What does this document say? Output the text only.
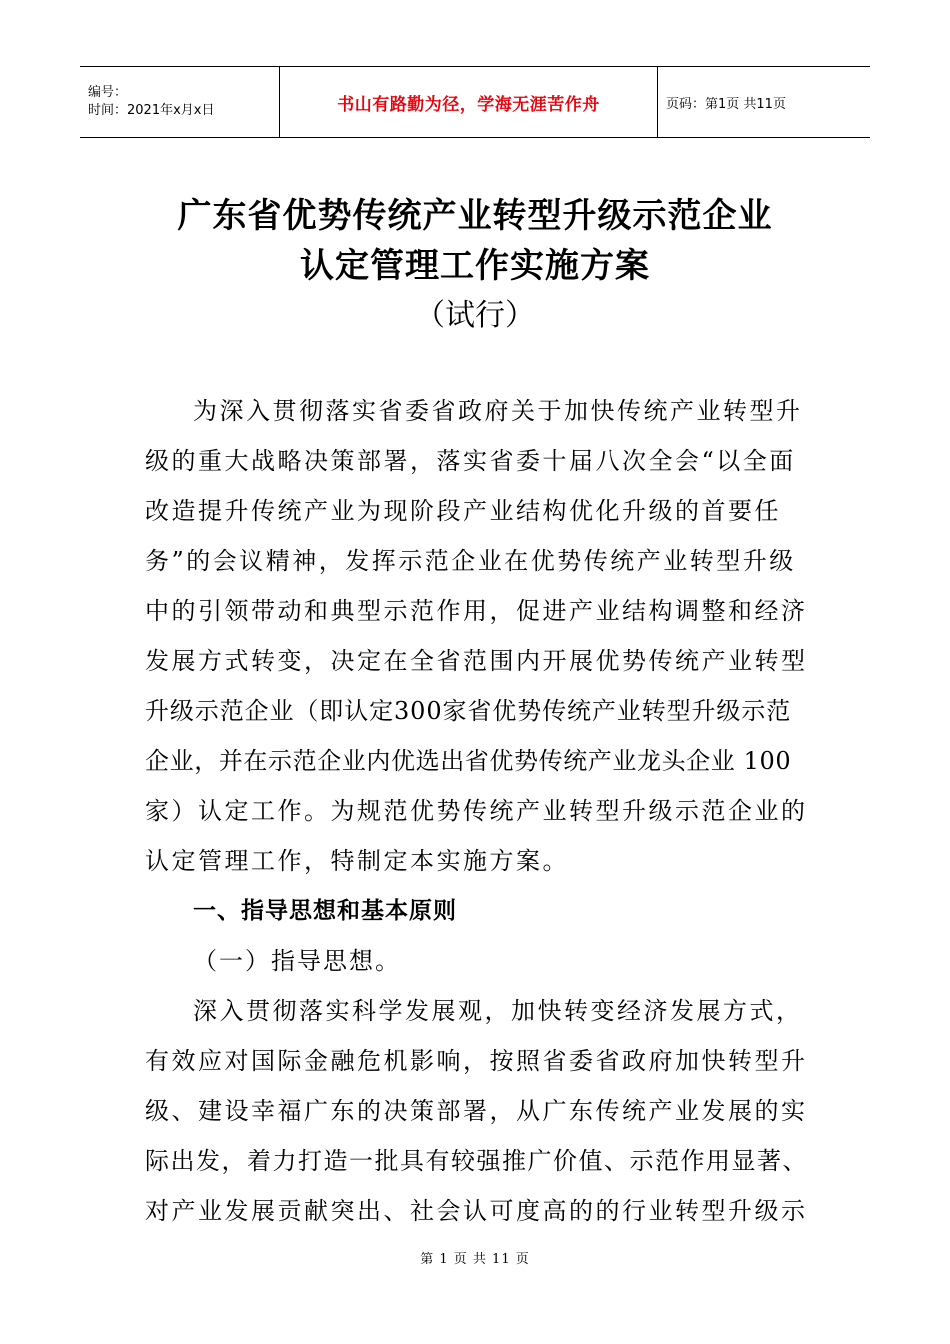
编号：
时间：2021年x月x日	书山有路勤为径，学海无涯苦作舟	页码：第1页 共11页
广东省优势传统产业转型升级示范企业
认定管理工作实施方案
（试行）
为深入贯彻落实省委省政府关于加快传统产业转型升
级的重大战略决策部署，落实省委十届八次全会“以全面
改造提升传统产业为现阶段产业结构优化升级的首要任
务”的会议精神，发挥示范企业在优势传统产业转型升级
中的引领带动和典型示范作用，促进产业结构调整和经济
发展方式转变，决定在全省范围内开展优势传统产业转型
升级示范企业（即认定300家省优势传统产业转型升级示范
企业，并在示范企业内优选出省优势传统产业龙头企业 100
家）认定工作。为规范优势传统产业转型升级示范企业的
认定管理工作，特制定本实施方案。
一、指导思想和基本原则
（一）指导思想。
深入贯彻落实科学发展观，加快转变经济发展方式，
有效应对国际金融危机影响，按照省委省政府加快转型升
级、建设幸福广东的决策部署，从广东传统产业发展的实
际出发，着力打造一批具有较强推广价值、示范作用显著、
对产业发展贡献突出、社会认可度高的的行业转型升级示
第 1 页 共 11 页
